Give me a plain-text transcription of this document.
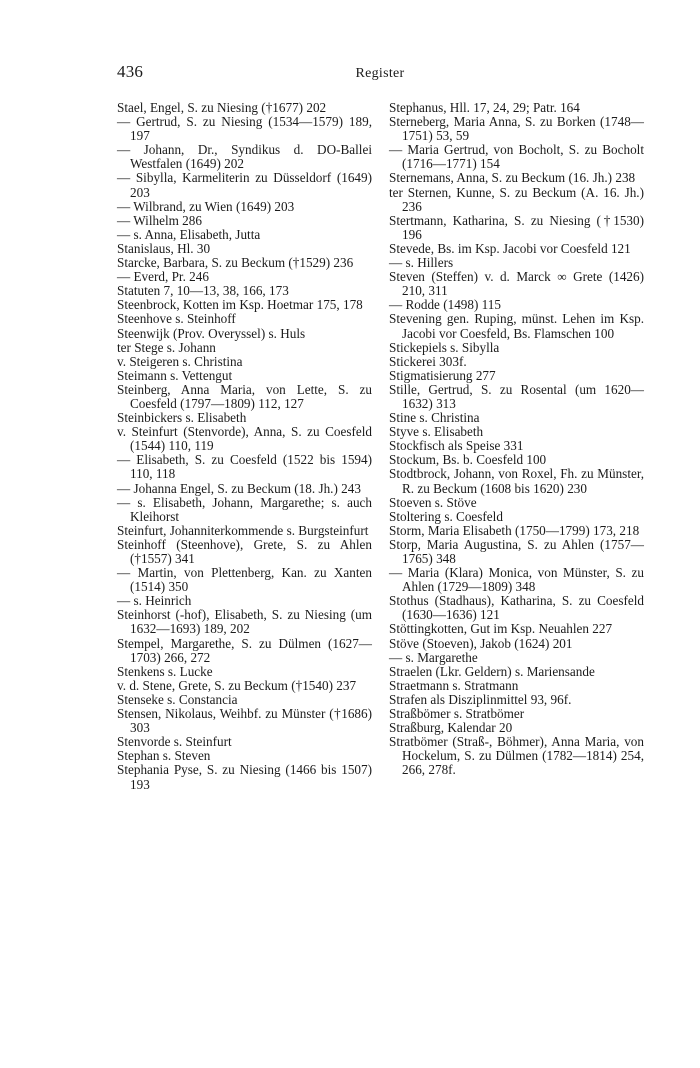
436	Register
Stael, Engel, S. zu Niesing (†1677) 202
— Gertrud, S. zu Niesing (1534—1579) 189, 197
— Johann, Dr., Syndikus d. DO-Ballei Westfalen (1649) 202
— Sibylla, Karmeliterin zu Düsseldorf (1649) 203
— Wilbrand, zu Wien (1649) 203
— Wilhelm 286
— s. Anna, Elisabeth, Jutta
Stanislaus, Hl. 30
Starcke, Barbara, S. zu Beckum (†1529) 236
— Everd, Pr. 246
Statuten 7, 10—13, 38, 166, 173
Steenbrock, Kotten im Ksp. Hoetmar 175, 178
Steenhove s. Steinhoff
Steenwijk (Prov. Overyssel) s. Huls
ter Stege s. Johann
v. Steigeren s. Christina
Steimann s. Vettengut
Steinberg, Anna Maria, von Lette, S. zu Coesfeld (1797—1809) 112, 127
Steinbickers s. Elisabeth
v. Steinfurt (Stenvorde), Anna, S. zu Coesfeld (1544) 110, 119
— Elisabeth, S. zu Coesfeld (1522 bis 1594) 110, 118
— Johanna Engel, S. zu Beckum (18. Jh.) 243
— s. Elisabeth, Johann, Margarethe; s. auch Kleihorst
Steinfurt, Johanniterkommende s. Burgsteinfurt
Steinhoff (Steenhove), Grete, S. zu Ahlen (†1557) 341
— Martin, von Plettenberg, Kan. zu Xanten (1514) 350
— s. Heinrich
Steinhorst (-hof), Elisabeth, S. zu Niesing (um 1632—1693) 189, 202
Stempel, Margarethe, S. zu Dülmen (1627—1703) 266, 272
Stenkens s. Lucke
v. d. Stene, Grete, S. zu Beckum (†1540) 237
Stenseke s. Constancia
Stensen, Nikolaus, Weihbf. zu Münster (†1686) 303
Stenvorde s. Steinfurt
Stephan s. Steven
Stephania Pyse, S. zu Niesing (1466 bis 1507) 193
Stephanus, Hll. 17, 24, 29; Patr. 164
Sterneberg, Maria Anna, S. zu Borken (1748—1751) 53, 59
— Maria Gertrud, von Bocholt, S. zu Bocholt (1716—1771) 154
Sternemans, Anna, S. zu Beckum (16. Jh.) 238
ter Sternen, Kunne, S. zu Beckum (A. 16. Jh.) 236
Stertmann, Katharina, S. zu Niesing (†1530) 196
Stevede, Bs. im Ksp. Jacobi vor Coesfeld 121
— s. Hillers
Steven (Steffen) v. d. Marck ∞ Grete (1426) 210, 311
— Rodde (1498) 115
Stevening gen. Ruping, münst. Lehen im Ksp. Jacobi vor Coesfeld, Bs. Flamschen 100
Stickepiels s. Sibylla
Stickerei 303f.
Stigmatisierung 277
Stille, Gertrud, S. zu Rosental (um 1620—1632) 313
Stine s. Christina
Styve s. Elisabeth
Stockfisch als Speise 331
Stockum, Bs. b. Coesfeld 100
Stodtbrock, Johann, von Roxel, Fh. zu Münster, R. zu Beckum (1608 bis 1620) 230
Stoeven s. Stöve
Stoltering s. Coesfeld
Storm, Maria Elisabeth (1750—1799) 173, 218
Storp, Maria Augustina, S. zu Ahlen (1757—1765) 348
— Maria (Klara) Monica, von Münster, S. zu Ahlen (1729—1809) 348
Stothus (Stadhaus), Katharina, S. zu Coesfeld (1630—1636) 121
Stöttingkotten, Gut im Ksp. Neuahlen 227
Stöve (Stoeven), Jakob (1624) 201
— s. Margarethe
Straelen (Lkr. Geldern) s. Mariensande
Straetmann s. Stratmann
Strafen als Disziplinmittel 93, 96f.
Straßbömer s. Stratbömer
Straßburg, Kalendar 20
Stratbömer (Straß-, Böhmer), Anna Maria, von Hockelum, S. zu Dülmen (1782—1814) 254, 266, 278f.
